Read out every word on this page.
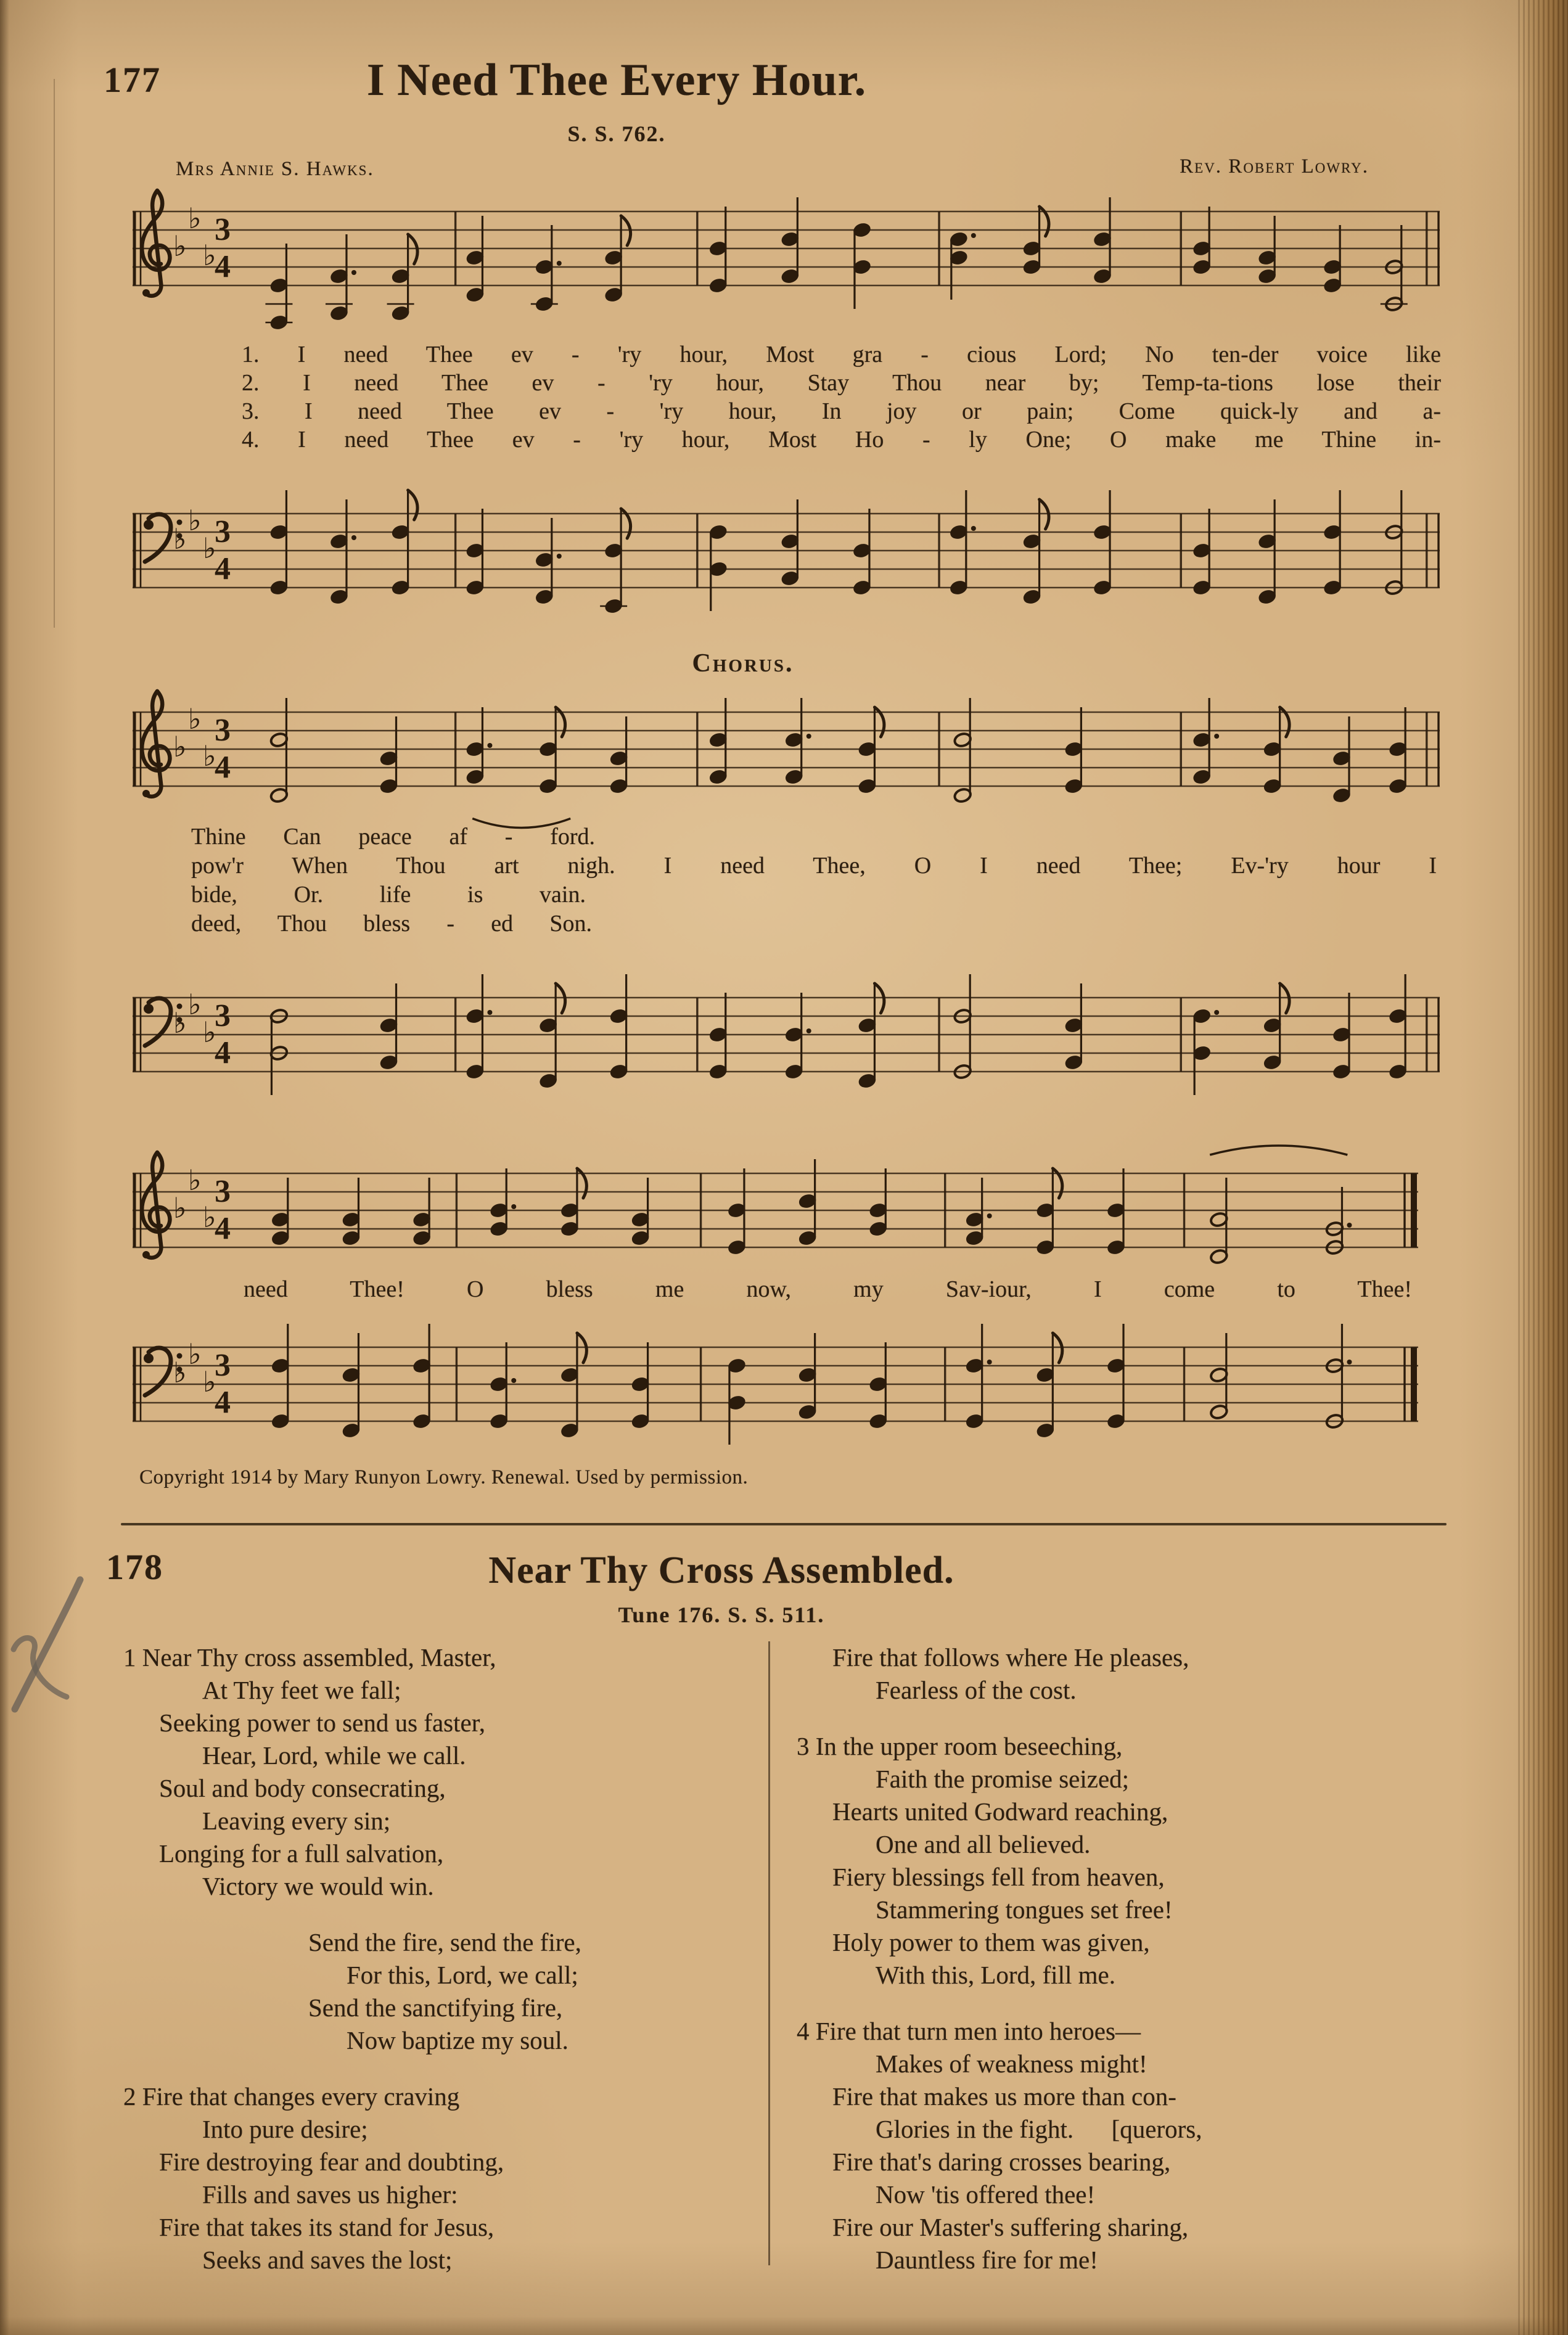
177	I Need Thee Every Hour.
S. S. 762.
Mrs Annie S. Hawks.	Rev. Robert Lowry.
♭
♭
♭
3
4
♭
♭
♭
3
4
♭
♭
♭
3
4
♭
♭
♭
3
4
♭
♭
♭
3
4
♭
♭
♭
3
4
1. I need Thee ev - 'ry hour, Most gra - cious Lord; No ten-der voice like
2. I need Thee ev - 'ry hour, Stay Thou near by; Temp-ta-tions lose their
3. I need Thee ev - 'ry hour, In joy or pain; Come quick-ly and a-
4. I need Thee ev - 'ry hour, Most Ho - ly One; O make me Thine in-
Chorus.
Thine Can peace af - ford.
pow'r When Thou art nigh. I need Thee, O I need Thee; Ev-'ry hour I
bide, Or. life is vain.
deed, Thou bless - ed Son.
need Thee! O bless me now, my Sav-iour, I come to Thee!
Copyright 1914 by Mary Runyon Lowry. Renewal. Used by permission.
178	Near Thy Cross Assembled.
Tune 176. S. S. 511.
1 Near Thy cross assembled, Master,
At Thy feet we fall;
Seeking power to send us faster,
Hear, Lord, while we call.
Soul and body consecrating,
Leaving every sin;
Longing for a full salvation,
Victory we would win.
Send the fire, send the fire,
For this, Lord, we call;
Send the sanctifying fire,
Now baptize my soul.
2 Fire that changes every craving
Into pure desire;
Fire destroying fear and doubting,
Fills and saves us higher:
Fire that takes its stand for Jesus,
Seeks and saves the lost;
Fire that follows where He pleases,
Fearless of the cost.
3 In the upper room beseeching,
Faith the promise seized;
Hearts united Godward reaching,
One and all believed.
Fiery blessings fell from heaven,
Stammering tongues set free!
Holy power to them was given,
With this, Lord, fill me.
4 Fire that turn men into heroes—
Makes of weakness might!
Fire that makes us more than con-
Glories in the fight.   [querors,
Fire that's daring crosses bearing,
Now 'tis offered thee!
Fire our Master's suffering sharing,
Dauntless fire for me!
